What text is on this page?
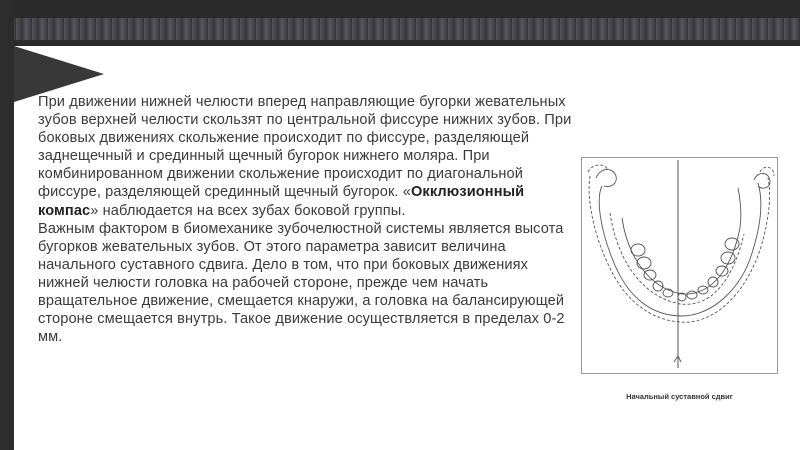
При движении нижней челюсти вперед направляющие бугорки жевательных зубов верхней челюсти скользят по центральной фиссуре нижних зубов. При боковых движениях скольжение происходит по фиссуре, разделяющей заднещечный и срединный щечный бугорок нижнего моляра. При комбинированном движении скольжение происходит по диагональной фиссуре, разделяющей срединный щечный бугорок. «Окклюзионный компас» наблюдается на всех зубах боковой группы.

Важным фактором в биомеханике зубочелюстной системы является высота бугорков жевательных зубов. От этого параметра зависит величина начального суставного сдвига. Дело в том, что при боковых движениях нижней челюсти головка на рабочей стороне, прежде чем начать вращательное движение, смещается кнаружи, а головка на балансирующей стороне смещается внутрь. Такое движение осуществляется в пределах 0-2 мм.

Начальный суставной сдвиг
